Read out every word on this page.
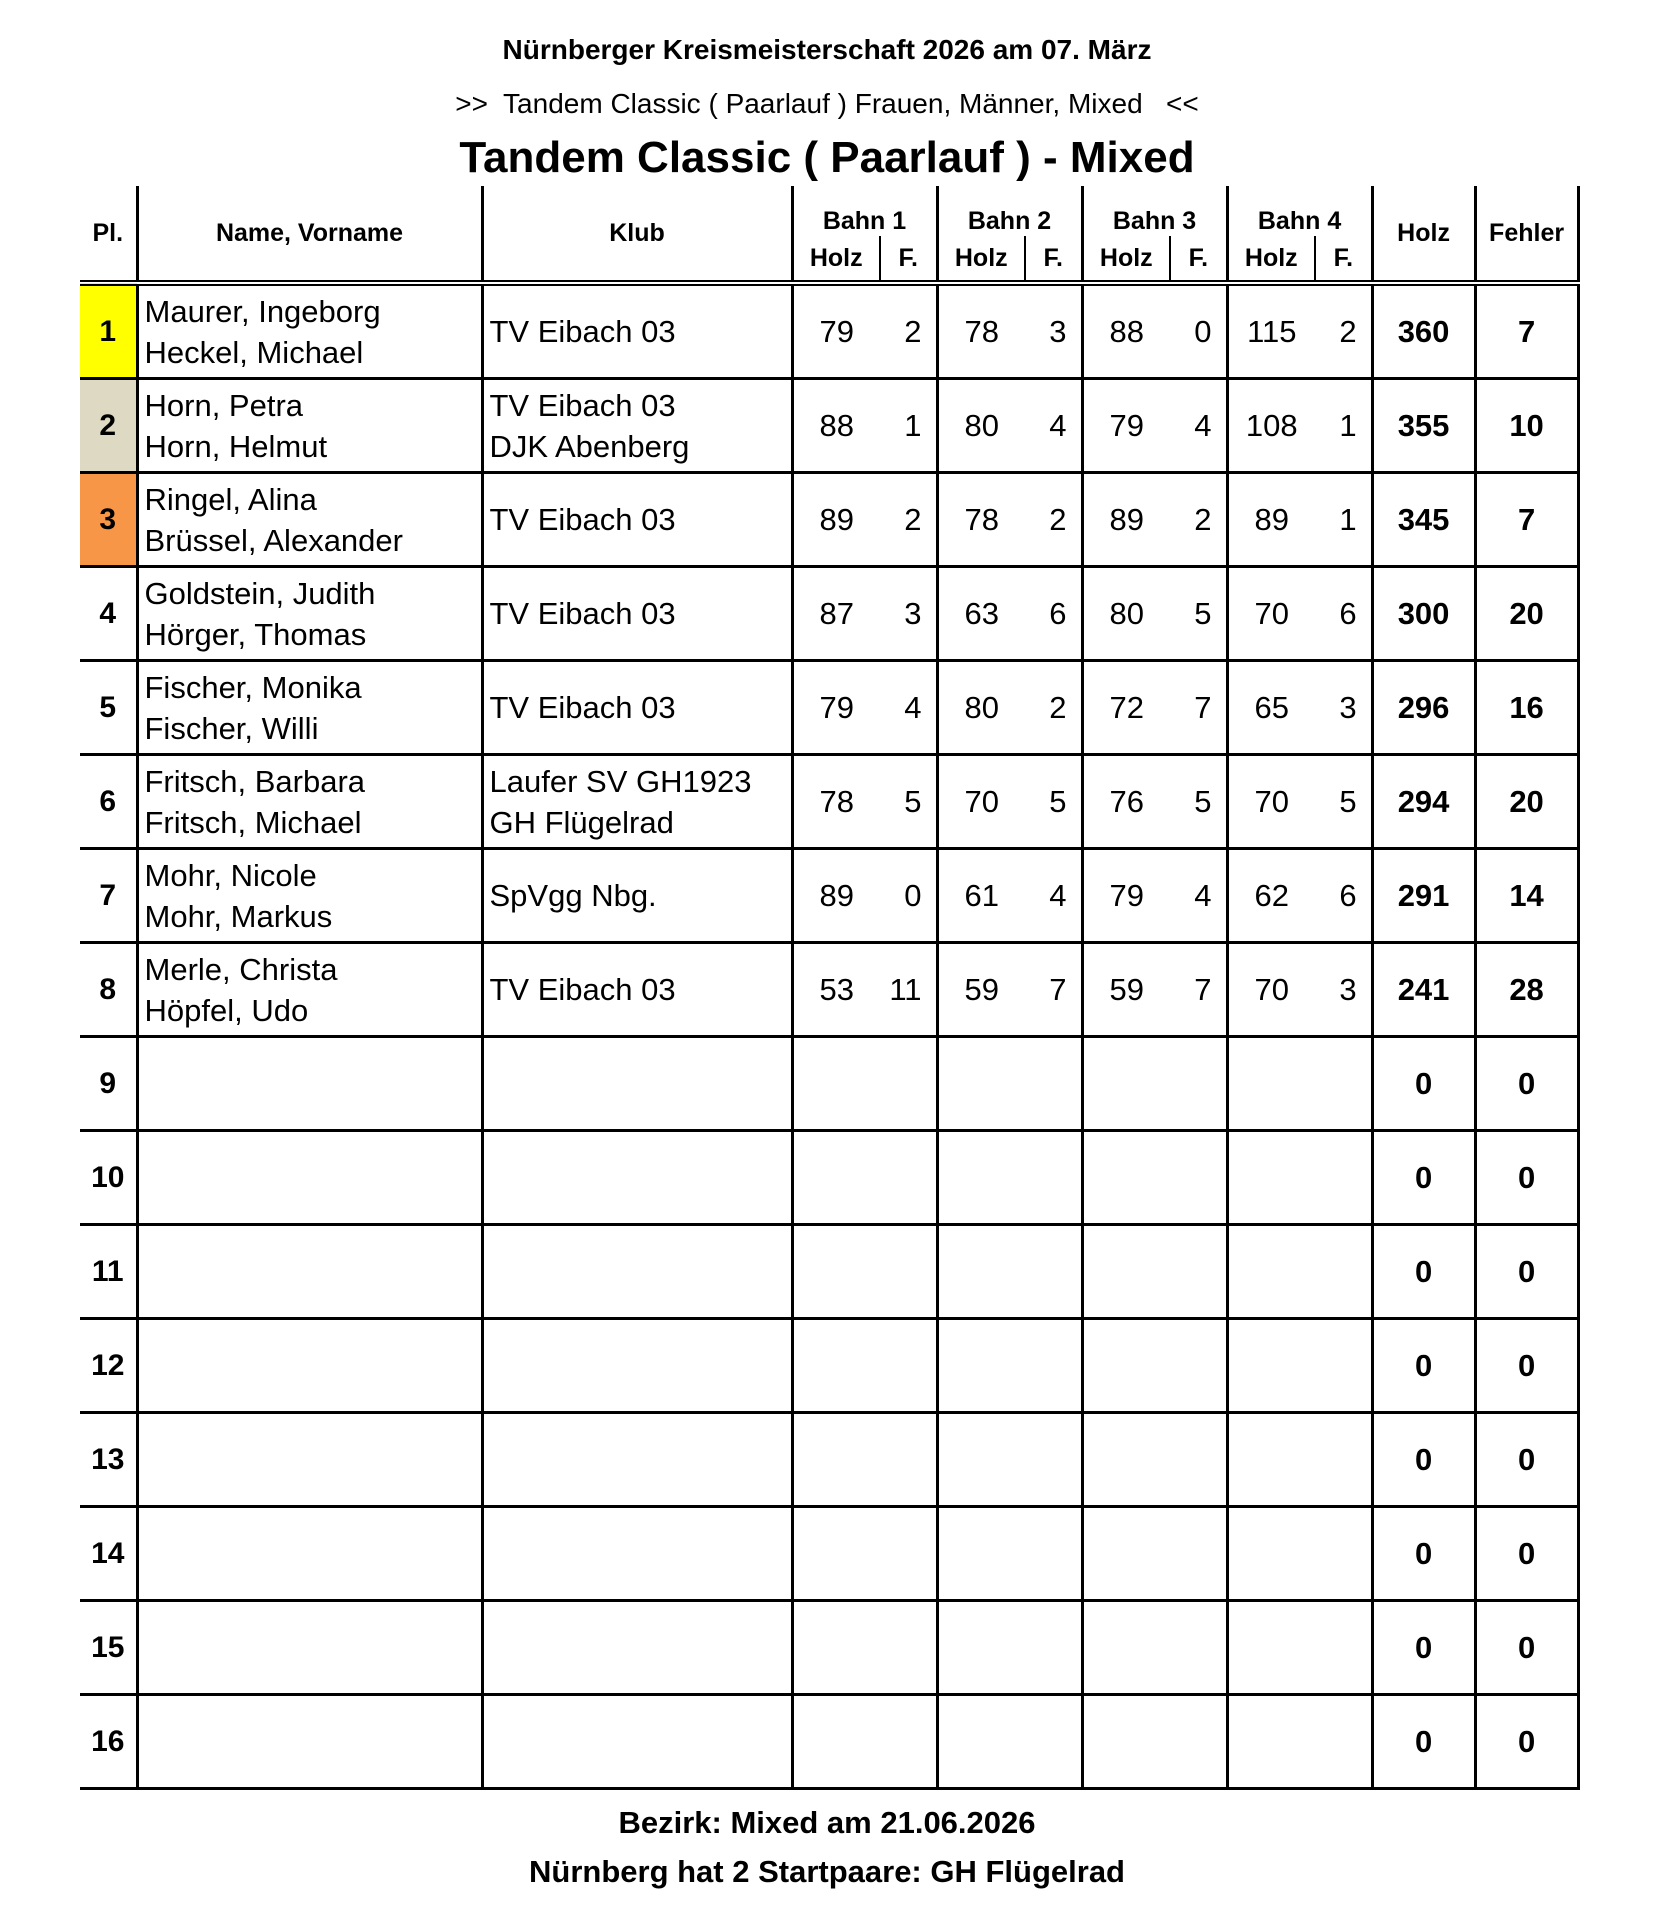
Nürnberger Kreismeisterschaft 2026 am 07. März
>>  Tandem Classic ( Paarlauf ) Frauen, Männer, Mixed   <<
Tandem Classic ( Paarlauf ) - Mixed
Pl.	Name, Vorname	Klub	Bahn 1		Bahn 2		Bahn 3		Bahn 4		Holz	Fehler
			Holz	F.	Holz	F.	Holz	F.	Holz	F.		
1	Maurer, Ingeborg
Heckel, Michael	TV Eibach 03	79	2	78	3	88	0	115	2	360	7
2	Horn, Petra
Horn, Helmut	TV Eibach 03
DJK Abenberg	88	1	80	4	79	4	108	1	355	10
3	Ringel, Alina
Brüssel, Alexander	TV Eibach 03	89	2	78	2	89	2	89	1	345	7
4	Goldstein, Judith
Hörger, Thomas	TV Eibach 03	87	3	63	6	80	5	70	6	300	20
5	Fischer, Monika
Fischer, Willi	TV Eibach 03	79	4	80	2	72	7	65	3	296	16
6	Fritsch, Barbara
Fritsch, Michael	Laufer SV GH1923
GH Flügelrad	78	5	70	5	76	5	70	5	294	20
7	Mohr, Nicole
Mohr, Markus	SpVgg Nbg.	89	0	61	4	79	4	62	6	291	14
8	Merle, Christa
Höpfel, Udo	TV Eibach 03	53	11	59	7	59	7	70	3	241	28
9											0	0
10											0	0
11											0	0
12											0	0
13											0	0
14											0	0
15											0	0
16											0	0
Bezirk: Mixed am 21.06.2026
Nürnberg hat 2 Startpaare: GH Flügelrad
